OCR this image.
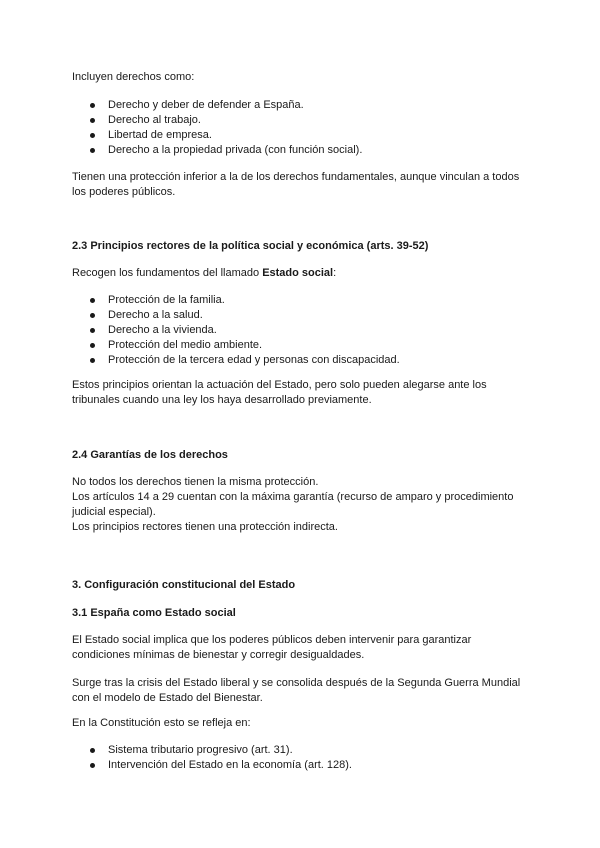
Incluyen derechos como:

Derecho y deber de defender a España.
Derecho al trabajo.
Libertad de empresa.
Derecho a la propiedad privada (con función social).

Tienen una protección inferior a la de los derechos fundamentales, aunque vinculan a todos
los poderes públicos.

2.3 Principios rectores de la política social y económica (arts. 39-52)

Recogen los fundamentos del llamado Estado social:

Protección de la familia.
Derecho a la salud.
Derecho a la vivienda.
Protección del medio ambiente.
Protección de la tercera edad y personas con discapacidad.

Estos principios orientan la actuación del Estado, pero solo pueden alegarse ante los
tribunales cuando una ley los haya desarrollado previamente.

2.4 Garantías de los derechos

No todos los derechos tienen la misma protección.
Los artículos 14 a 29 cuentan con la máxima garantía (recurso de amparo y procedimiento
judicial especial).
Los principios rectores tienen una protección indirecta.

3. Configuración constitucional del Estado

3.1 España como Estado social

El Estado social implica que los poderes públicos deben intervenir para garantizar
condiciones mínimas de bienestar y corregir desigualdades.

Surge tras la crisis del Estado liberal y se consolida después de la Segunda Guerra Mundial
con el modelo de Estado del Bienestar.

En la Constitución esto se refleja en:

Sistema tributario progresivo (art. 31).
Intervención del Estado en la economía (art. 128).
